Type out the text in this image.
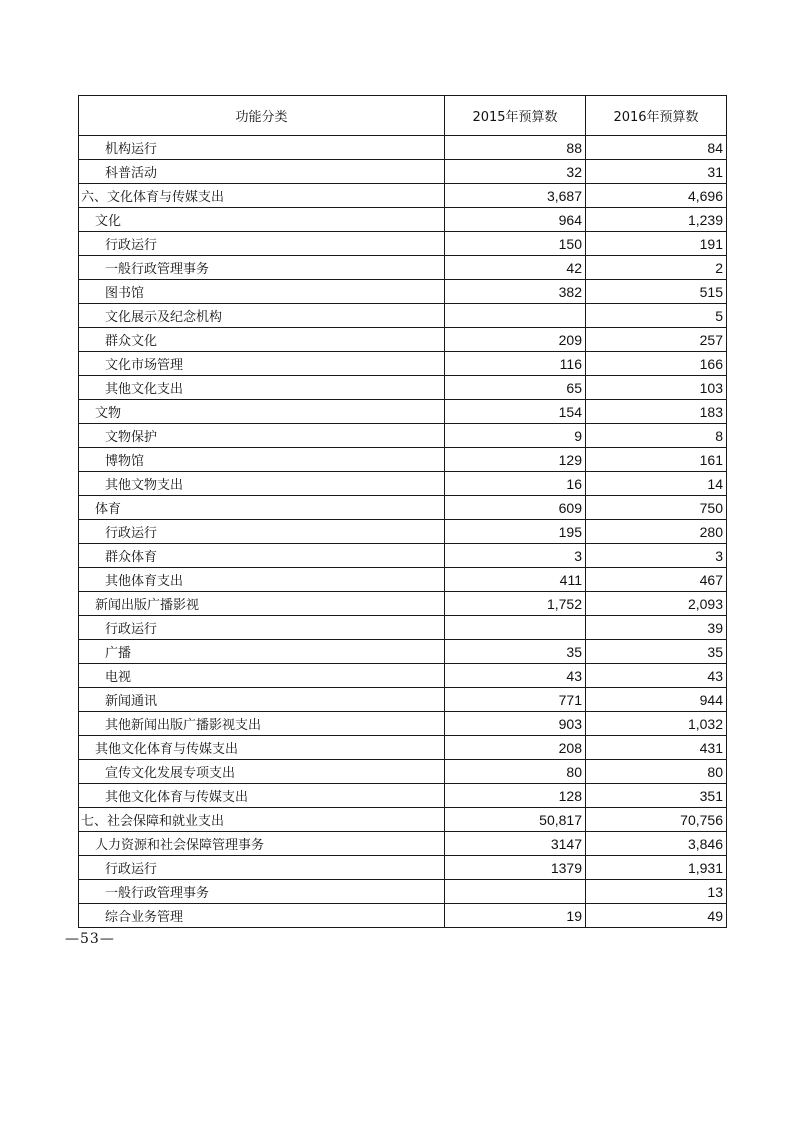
功能分类	2015年预算数	2016年预算数
机构运行	88	84
科普活动	32	31
六、文化体育与传媒支出	3,687	4,696
文化	964	1,239
行政运行	150	191
一般行政管理事务	42	2
图书馆	382	515
文化展示及纪念机构		5
群众文化	209	257
文化市场管理	116	166
其他文化支出	65	103
文物	154	183
文物保护	9	8
博物馆	129	161
其他文物支出	16	14
体育	609	750
行政运行	195	280
群众体育	3	3
其他体育支出	411	467
新闻出版广播影视	1,752	2,093
行政运行		39
广播	35	35
电视	43	43
新闻通讯	771	944
其他新闻出版广播影视支出	903	1,032
其他文化体育与传媒支出	208	431
宣传文化发展专项支出	80	80
其他文化体育与传媒支出	128	351
七、社会保障和就业支出	50,817	70,756
人力资源和社会保障管理事务	3147	3,846
行政运行	1379	1,931
一般行政管理事务		13
综合业务管理	19	49
—53—
